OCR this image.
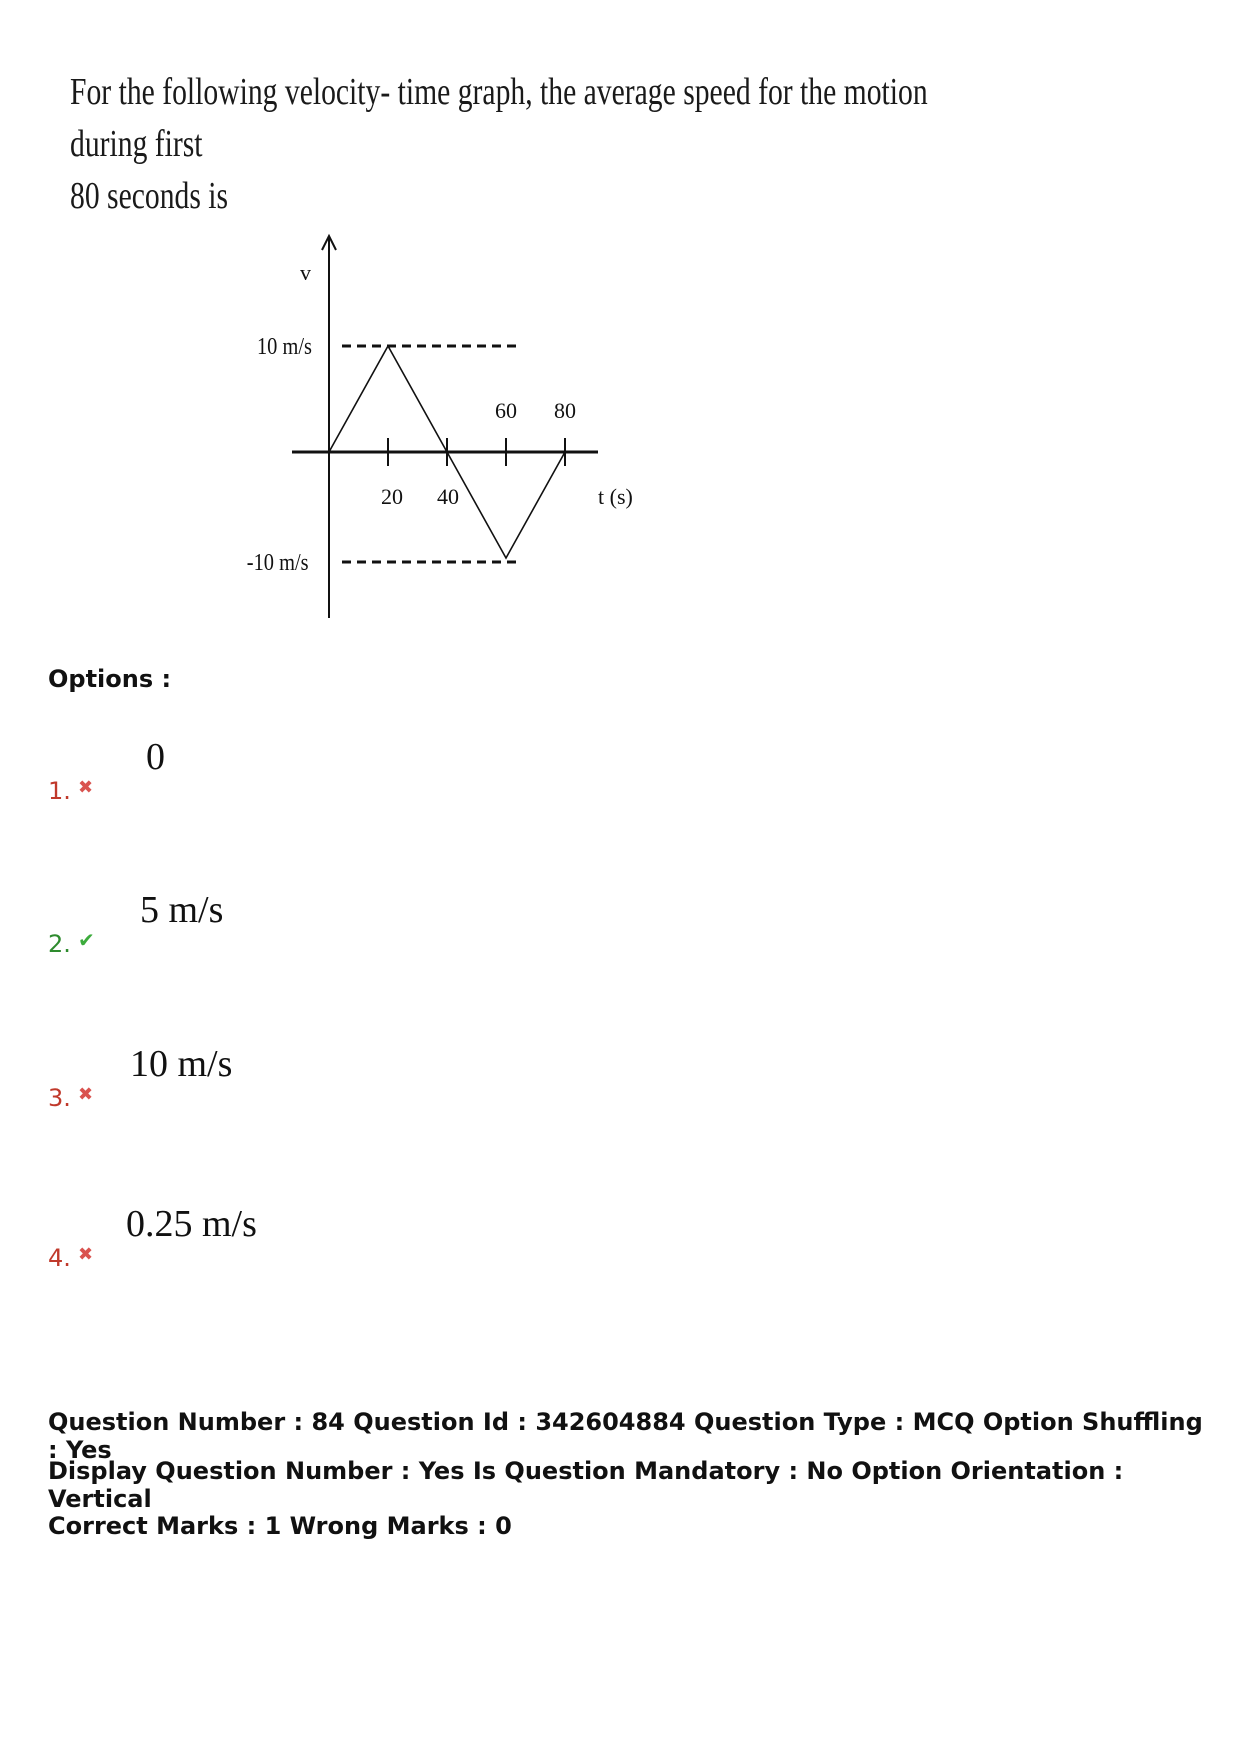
For the following velocity- time graph, the average speed for the motion during first
80 seconds is
v
10 m/s
-10 m/s
20 40
60 80
t (s)
Options :
1. ✖
0
2. ✔
5 m/s
3. ✖
10 m/s
4. ✖
0.25 m/s
Question Number : 84 Question Id : 342604884 Question Type : MCQ Option Shuffling : Yes
Display Question Number : Yes Is Question Mandatory : No Option Orientation : Vertical
Correct Marks : 1 Wrong Marks : 0
